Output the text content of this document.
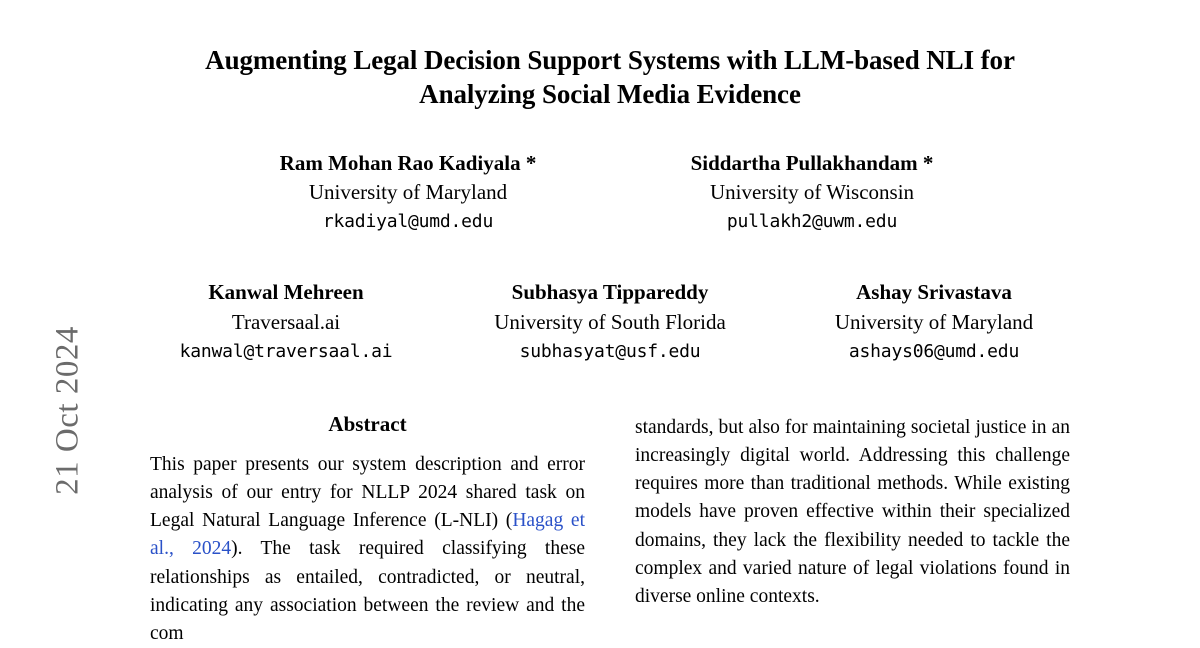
21 Oct 2024
Augmenting Legal Decision Support Systems with LLM-based NLI for
Analyzing Social Media Evidence
Ram Mohan Rao Kadiyala *
University of Maryland
rkadiyal@umd.edu
Siddartha Pullakhandam *
University of Wisconsin
pullakh2@uwm.edu
Kanwal Mehreen
Traversaal.ai
kanwal@traversaal.ai
Subhasya Tippareddy
University of South Florida
subhasyat@usf.edu
Ashay Srivastava
University of Maryland
ashays06@umd.edu
Abstract
This paper presents our system description and error analysis of our entry for NLLP 2024 shared task on Legal Natural Language Inference (L-NLI) (Hagag et al., 2024). The task required classifying these relationships as entailed, contradicted, or neutral, indicating any association between the review and the com
standards, but also for maintaining societal justice in an increasingly digital world. Addressing this challenge requires more than traditional methods. While existing models have proven effective within their specialized domains, they lack the flexibility needed to tackle the complex and varied nature of legal violations found in diverse online contexts.
